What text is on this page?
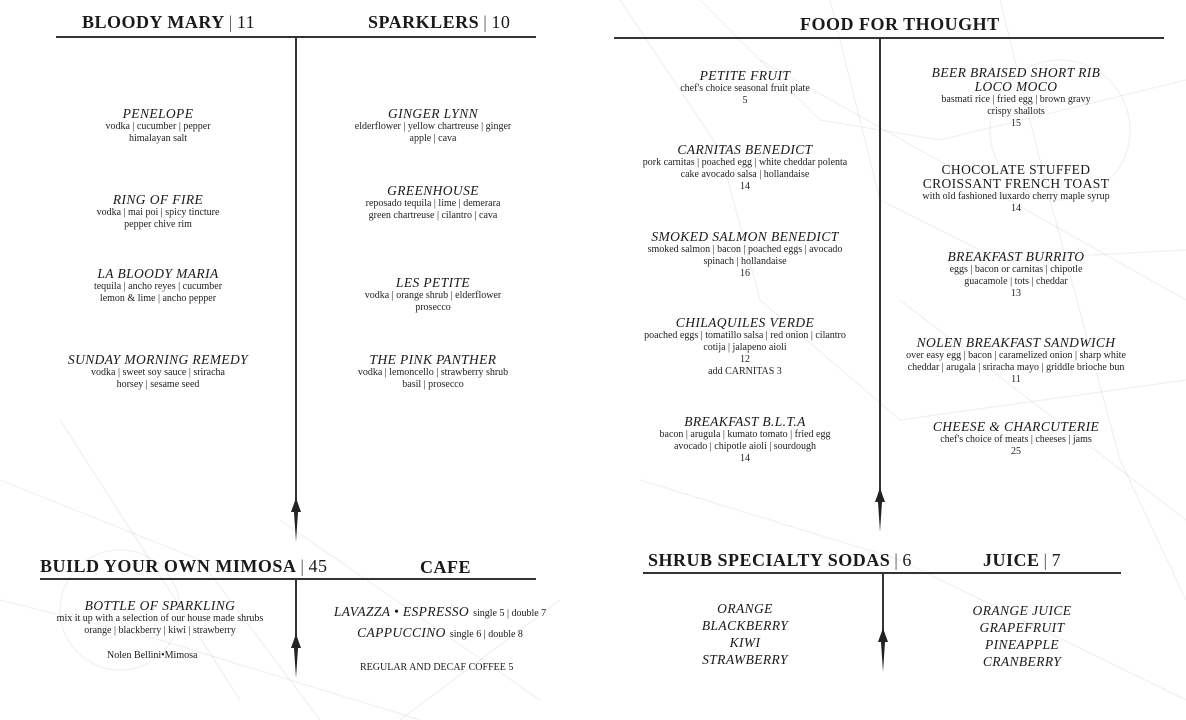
BLOODY MARY | 11	SPARKLERS | 10
PENELOPE
vodka | cucumber | pepper
himalayan salt
RING OF FIRE
vodka | mai poi | spicy tincture
pepper chive rim
LA BLOODY MARIA
tequila | ancho reyes | cucumber
lemon & lime | ancho pepper
SUNDAY MORNING REMEDY
vodka | sweet soy sauce | sriracha
horsey | sesame seed
GINGER LYNN
elderflower | yellow chartreuse | ginger
apple | cava
GREENHOUSE
reposado tequila | lime | demerara
green chartreuse | cilantro | cava
LES PETITE
vodka | orange shrub | elderflower
prosecco
THE PINK PANTHER
vodka | lemoncello | strawberry shrub
basil | prosecco
BUILD YOUR OWN MIMOSA | 45	CAFE
BOTTLE OF SPARKLING
mix it up with a selection of our house made shrubs
orange | blackberry | kiwi | strawberry
Nolen Bellini•Mimosa
LAVAZZA • ESPRESSO single 5 | double 7
CAPPUCCINO single 6 | double 8
REGULAR AND DECAF COFFEE 5
FOOD FOR THOUGHT
PETITE FRUIT
chef's choice seasonal fruit plate
5
CARNITAS BENEDICT
pork carnitas | poached egg | white cheddar polenta
cake avocado salsa | hollandaise
14
SMOKED SALMON BENEDICT
smoked salmon | bacon | poached eggs | avocado
spinach | hollandaise
16
CHILAQUILES VERDE
poached eggs | tomatillo salsa | red onion | cilantro
cotija | jalapeno aioli
12
add CARNITAS 3
BREAKFAST B.L.T.A
bacon | arugula | kumato tomato | fried egg
avocado | chipotle aioli | sourdough
14
BEER BRAISED SHORT RIB
LOCO MOCO
basmati rice | fried egg | brown gravy
crispy shallots
15
CHOCOLATE STUFFED
CROISSANT FRENCH TOAST
with old fashioned luxardo cherry maple syrup
14
BREAKFAST BURRITO
eggs | bacon or carnitas | chipotle
guacamole | tots | cheddar
13
NOLEN BREAKFAST SANDWICH
over easy egg | bacon | caramelized onion | sharp white
cheddar | arugala | sriracha mayo | griddle brioche bun
11
CHEESE & CHARCUTERIE
chef's choice of meats | cheeses | jams
25
SHRUB SPECIALTY SODAS | 6	JUICE | 7
ORANGE
BLACKBERRY
KIWI
STRAWBERRY
ORANGE JUICE
GRAPEFRUIT
PINEAPPLE
CRANBERRY
